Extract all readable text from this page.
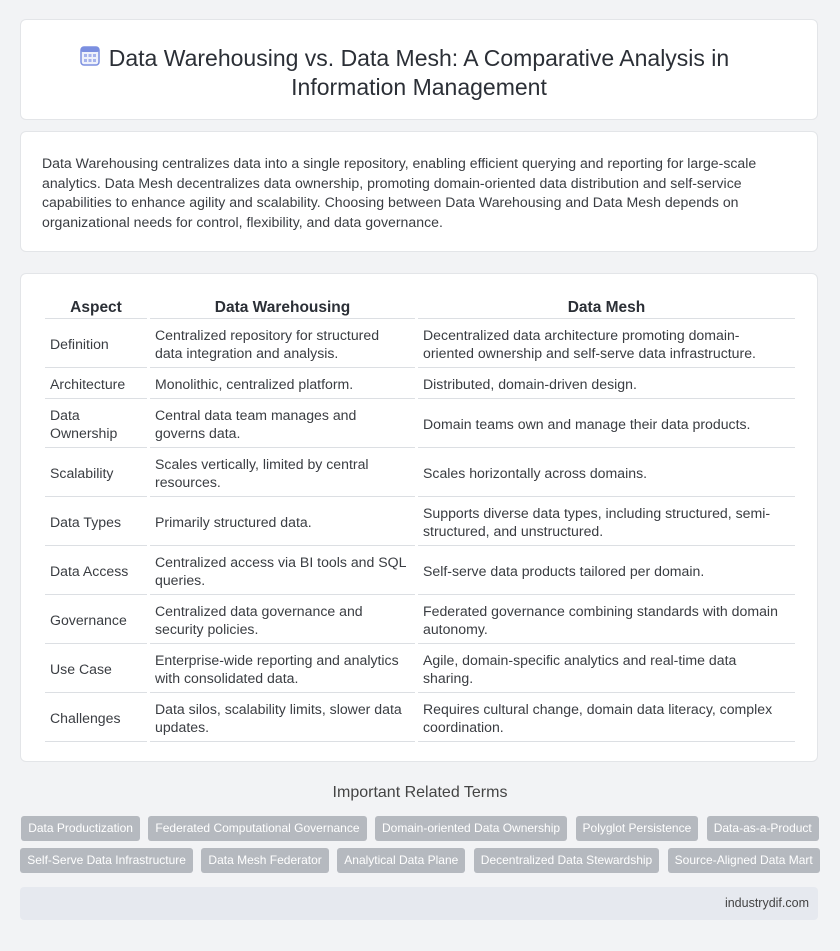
Data Warehousing vs. Data Mesh: A Comparative Analysis in Information Management

Data Warehousing centralizes data into a single repository, enabling efficient querying and reporting for large-scale analytics. Data Mesh decentralizes data ownership, promoting domain-oriented data distribution and self-service capabilities to enhance agility and scalability. Choosing between Data Warehousing and Data Mesh depends on organizational needs for control, flexibility, and data governance.

Aspect	Data Warehousing	Data Mesh
Definition	Centralized repository for structured data integration and analysis.	Decentralized data architecture promoting domain-oriented ownership and self-serve data infrastructure.
Architecture	Monolithic, centralized platform.	Distributed, domain-driven design.
Data Ownership	Central data team manages and governs data.	Domain teams own and manage their data products.
Scalability	Scales vertically, limited by central resources.	Scales horizontally across domains.
Data Types	Primarily structured data.	Supports diverse data types, including structured, semi-structured, and unstructured.
Data Access	Centralized access via BI tools and SQL queries.	Self-serve data products tailored per domain.
Governance	Centralized data governance and security policies.	Federated governance combining standards with domain autonomy.
Use Case	Enterprise-wide reporting and analytics with consolidated data.	Agile, domain-specific analytics and real-time data sharing.
Challenges	Data silos, scalability limits, slower data updates.	Requires cultural change, domain data literacy, complex coordination.
Important Related Terms
Data Productization Federated Computational Governance Domain-oriented Data Ownership Polyglot Persistence Data-as-a-Product
Self-Serve Data Infrastructure Data Mesh Federator Analytical Data Plane Decentralized Data Stewardship Source-Aligned Data Mart
industrydif.com
